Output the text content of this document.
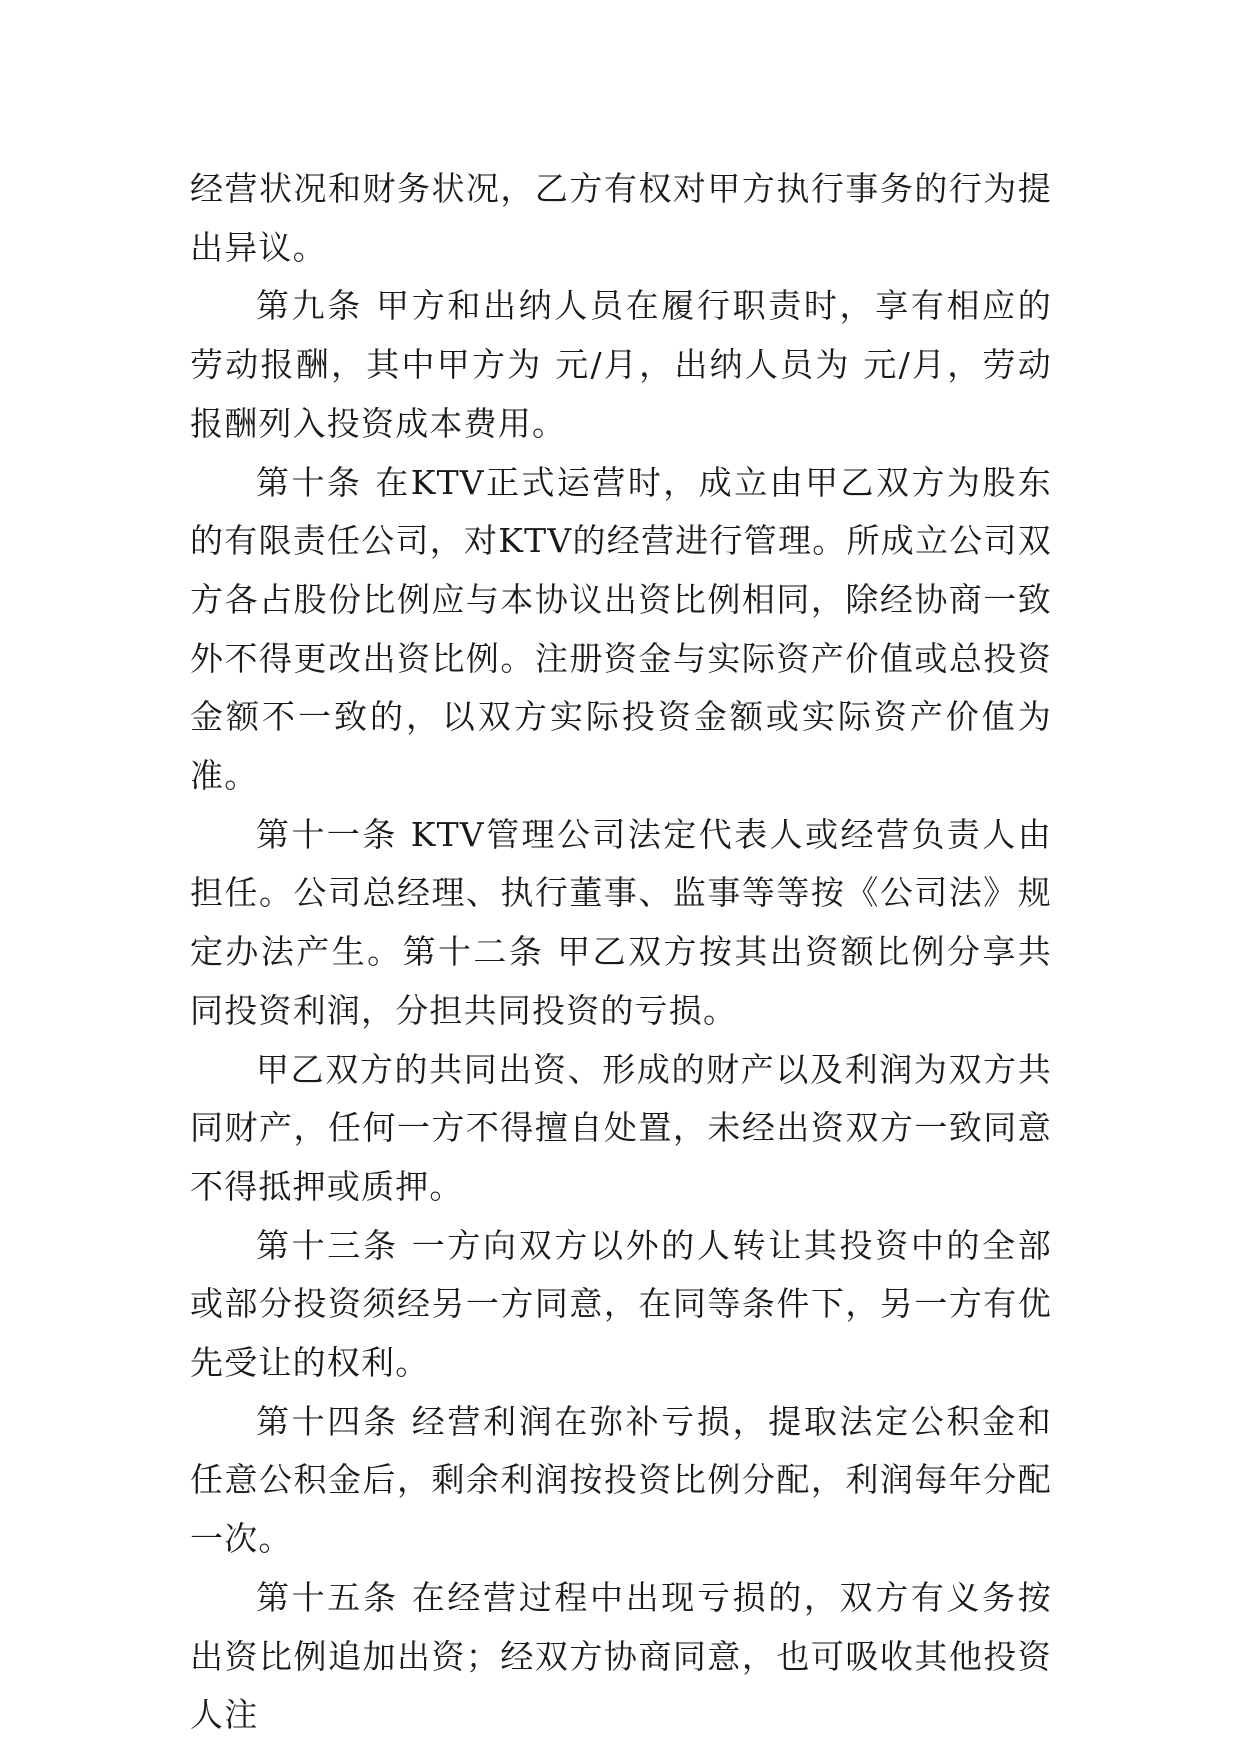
经营状况和财务状况，乙方有权对甲方执行事务的行为提出异议。

第九条 甲方和出纳人员在履行职责时，享有相应的劳动报酬，其中甲方为 元/月，出纳人员为 元/月，劳动报酬列入投资成本费用。

第十条 在KTV正式运营时，成立由甲乙双方为股东的有限责任公司，对KTV的经营进行管理。所成立公司双方各占股份比例应与本协议出资比例相同，除经协商一致外不得更改出资比例。注册资金与实际资产价值或总投资金额不一致的，以双方实际投资金额或实际资产价值为准。

第十一条 KTV管理公司法定代表人或经营负责人由担任。公司总经理、执行董事、监事等等按《公司法》规定办法产生。第十二条 甲乙双方按其出资额比例分享共同投资利润，分担共同投资的亏损。

甲乙双方的共同出资、形成的财产以及利润为双方共同财产，任何一方不得擅自处置，未经出资双方一致同意不得抵押或质押。

第十三条 一方向双方以外的人转让其投资中的全部或部分投资须经另一方同意，在同等条件下，另一方有优先受让的权利。

第十四条 经营利润在弥补亏损，提取法定公积金和任意公积金后，剩余利润按投资比例分配，利润每年分配一次。

第十五条 在经营过程中出现亏损的，双方有义务按出资比例追加出资；经双方协商同意，也可吸收其他投资人注
